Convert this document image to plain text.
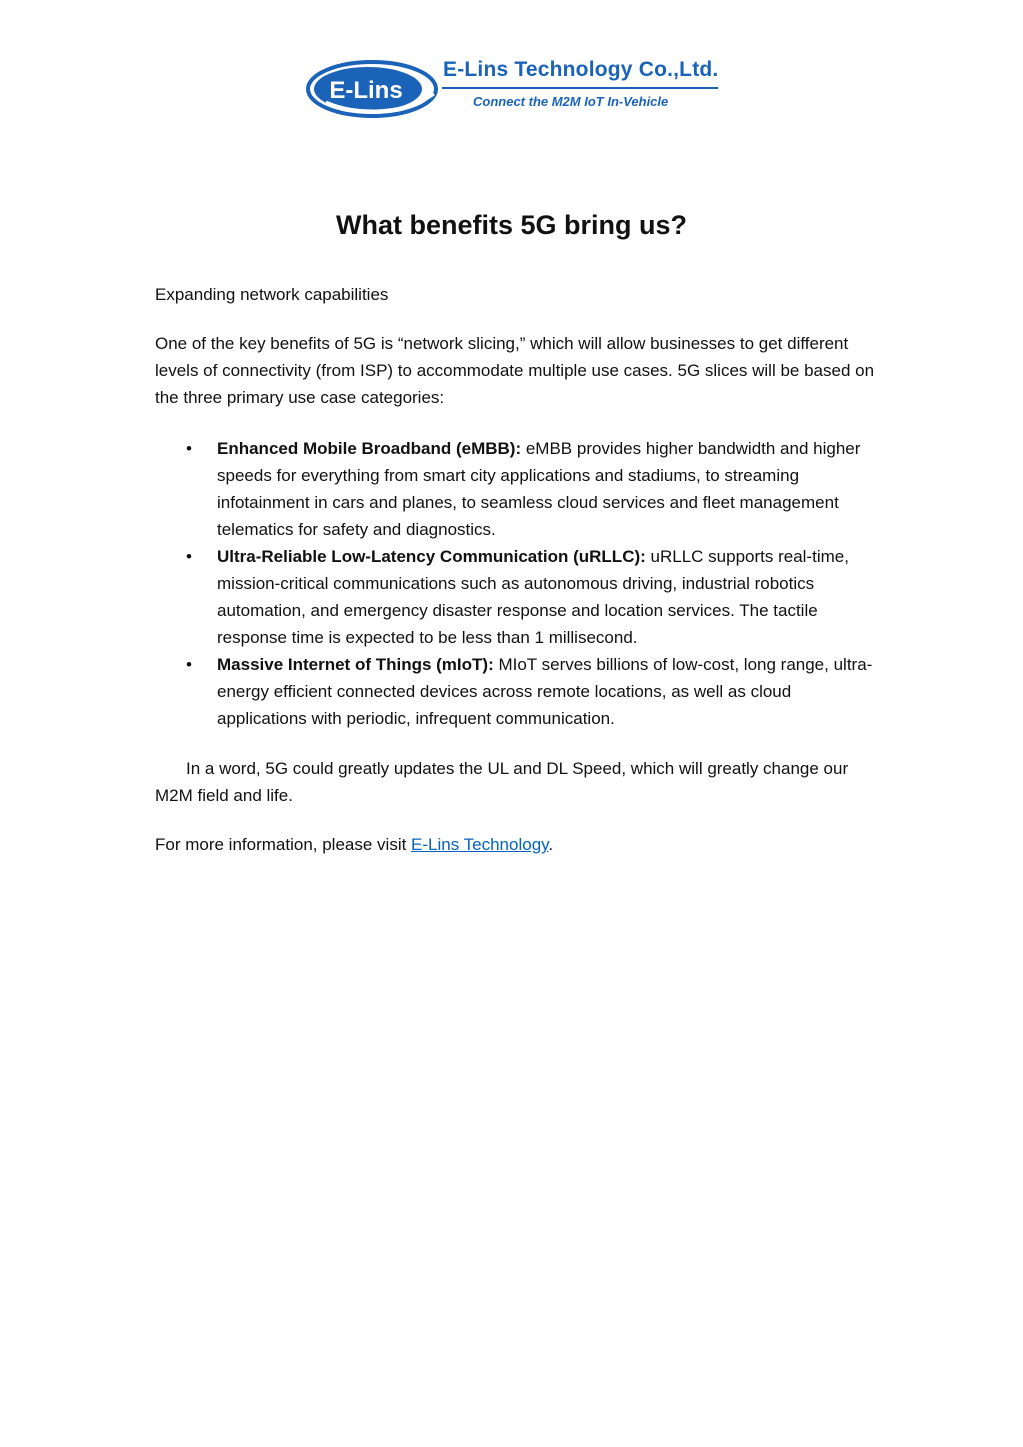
E-Lins
E-Lins Technology Co.,Ltd.
Connect the M2M IoT In-Vehicle
What benefits 5G bring us?

Expanding network capabilities

One of the key benefits of 5G is “network slicing,” which will allow businesses to get different levels of connectivity (from ISP) to accommodate multiple use cases. 5G slices will be based on the three primary use case categories:

• Enhanced Mobile Broadband (eMBB): eMBB provides higher bandwidth and higher speeds for everything from smart city applications and stadiums, to streaming infotainment in cars and planes, to seamless cloud services and fleet management telematics for safety and diagnostics.
• Ultra-Reliable Low-Latency Communication (uRLLC): uRLLC supports real-time, mission-critical communications such as autonomous driving, industrial robotics automation, and emergency disaster response and location services. The tactile response time is expected to be less than 1 millisecond.
• Massive Internet of Things (mIoT): MIoT serves billions of low-cost, long range, ultra-energy efficient connected devices across remote locations, as well as cloud applications with periodic, infrequent communication.

In a word, 5G could greatly updates the UL and DL Speed, which will greatly change our M2M field and life.

For more information, please visit E-Lins Technology.
